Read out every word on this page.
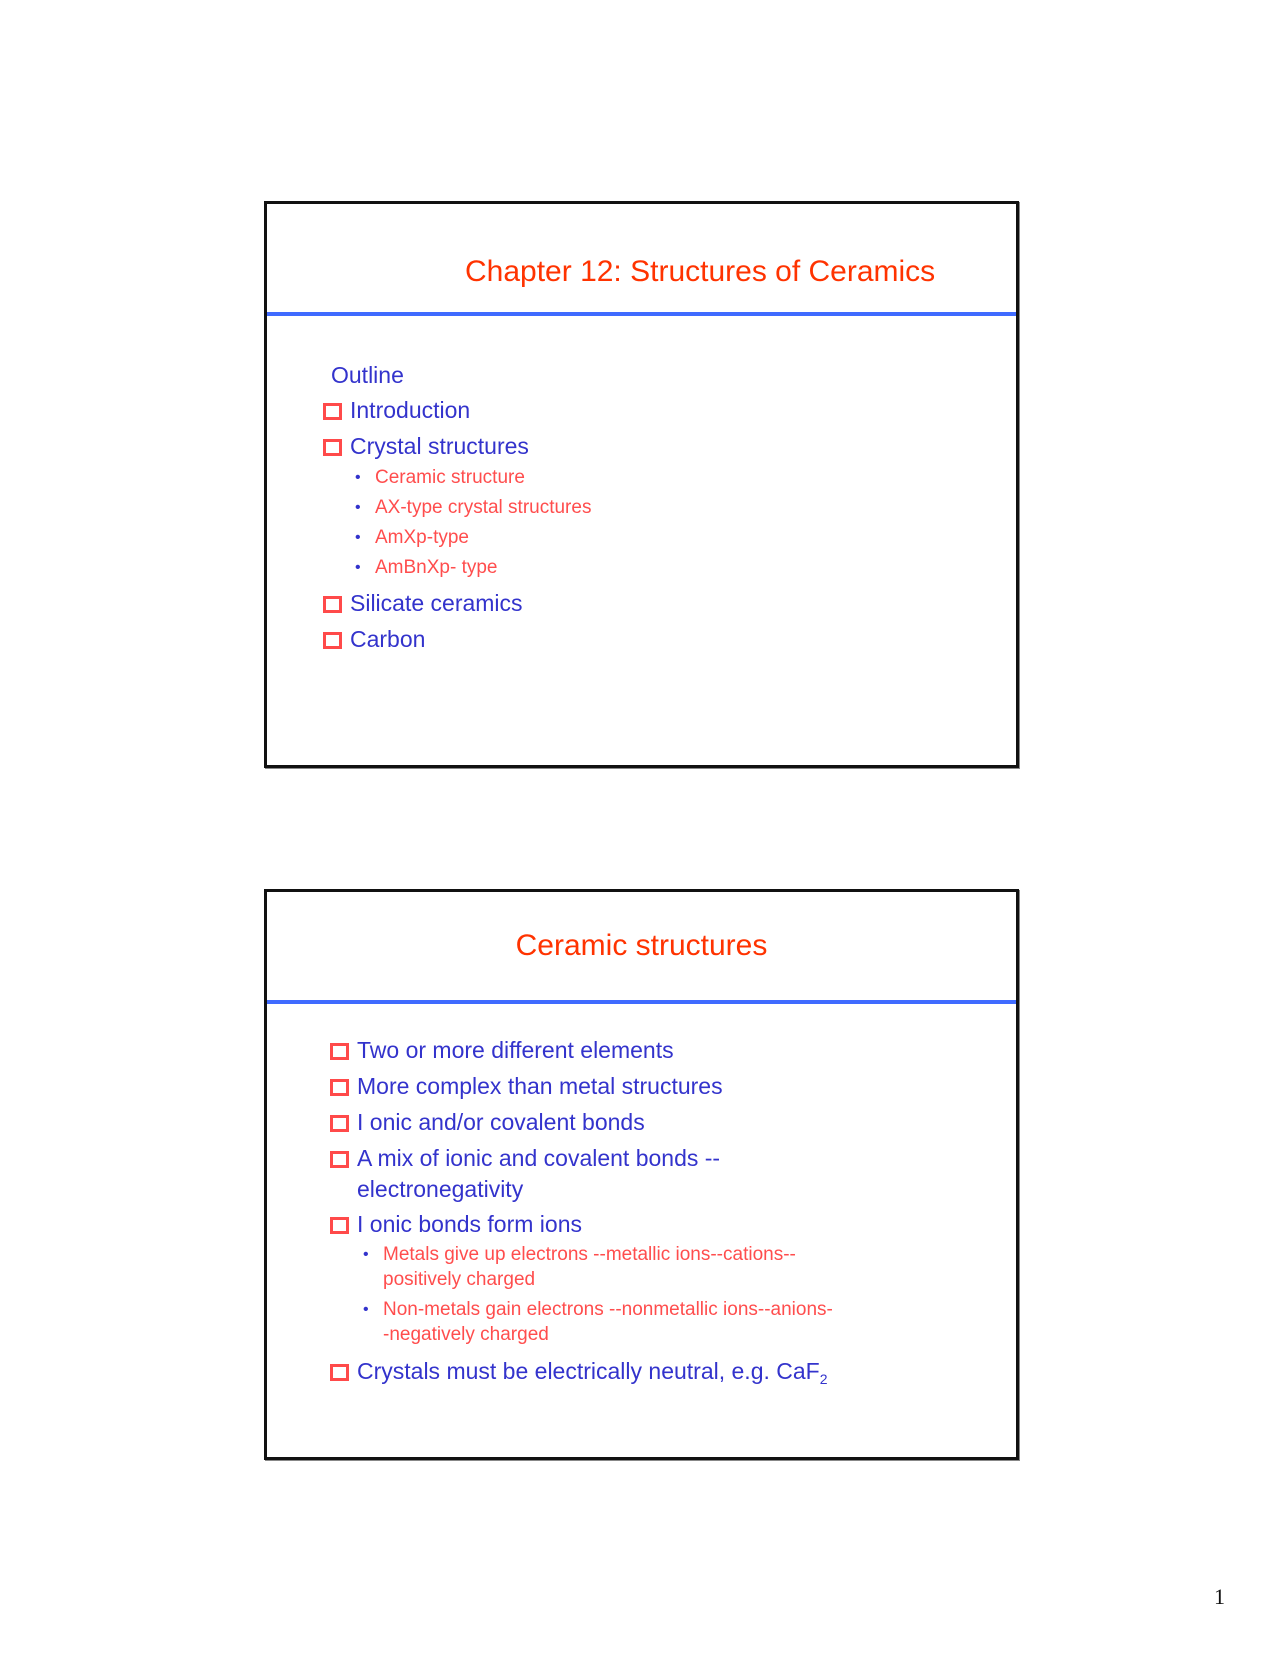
Chapter 12: Structures of Ceramics
Outline
Introduction
Crystal structures
• Ceramic structure
• AX-type crystal structures
• AmXp-type
• AmBnXp- type
Silicate ceramics
Carbon
Ceramic structures
Two or more different elements
More complex than metal structures
I onic and/or covalent bonds
A mix of ionic and covalent bonds --
electronegativity
I onic bonds form ions
• Metals give up electrons --metallic ions--cations--
positively charged
• Non-metals gain electrons --nonmetallic ions--anions-
-negatively charged
Crystals must be electrically neutral, e.g. CaF$_2$
1
